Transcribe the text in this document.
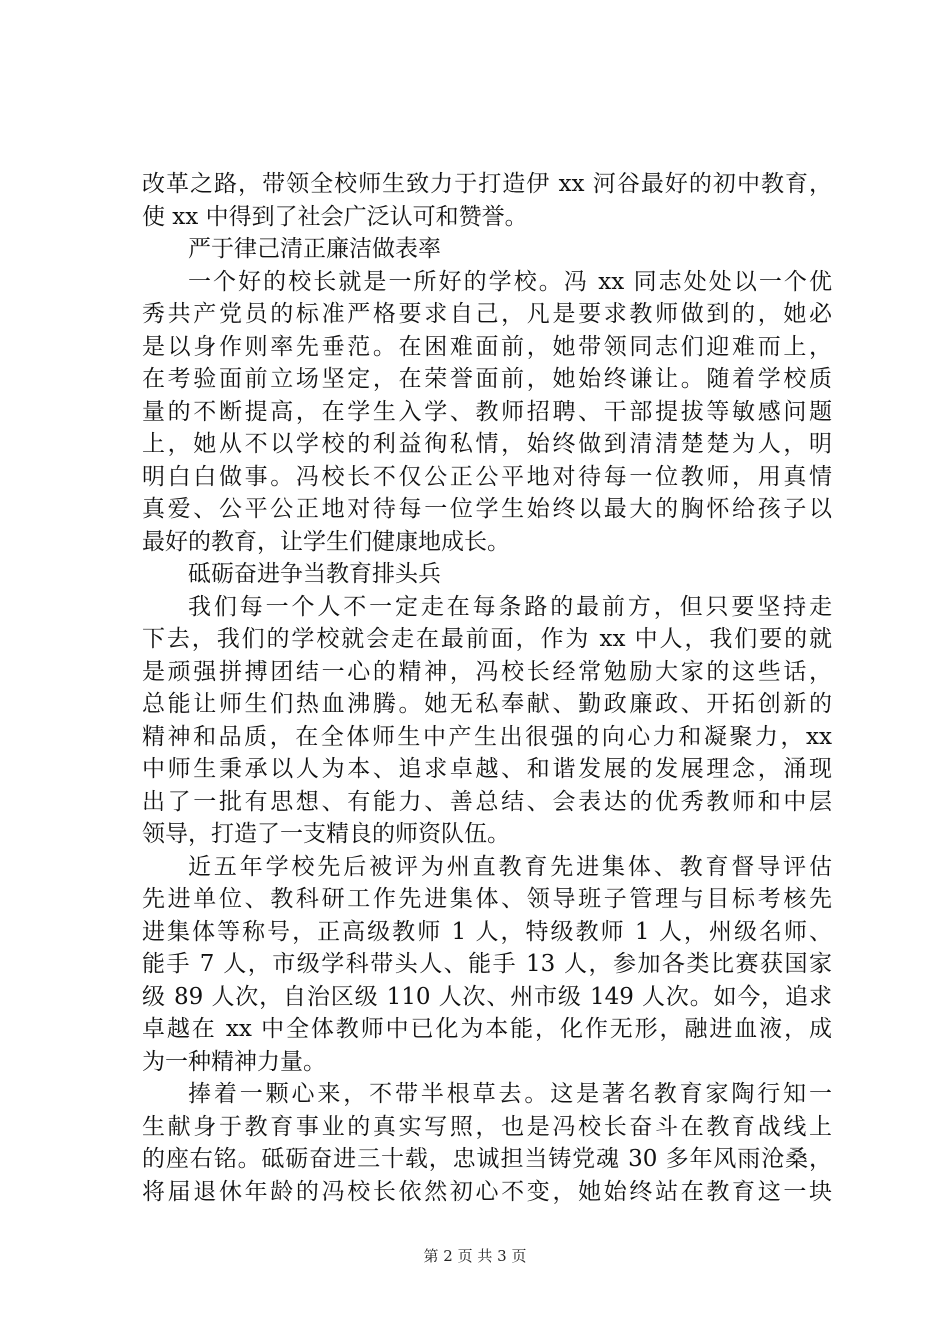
改革之路，带领全校师生致力于打造伊 xx 河谷最好的初中教育，
使 xx 中得到了社会广泛认可和赞誉。
严于律己清正廉洁做表率
一个好的校长就是一所好的学校。冯 xx 同志处处以一个优
秀共产党员的标准严格要求自己，凡是要求教师做到的，她必
是以身作则率先垂范。在困难面前，她带领同志们迎难而上，
在考验面前立场坚定，在荣誉面前，她始终谦让。随着学校质
量的不断提高，在学生入学、教师招聘、干部提拔等敏感问题
上，她从不以学校的利益徇私情，始终做到清清楚楚为人，明
明白白做事。冯校长不仅公正公平地对待每一位教师，用真情
真爱、公平公正地对待每一位学生始终以最大的胸怀给孩子以
最好的教育，让学生们健康地成长。
砥砺奋进争当教育排头兵
我们每一个人不一定走在每条路的最前方，但只要坚持走
下去，我们的学校就会走在最前面，作为 xx 中人，我们要的就
是顽强拼搏团结一心的精神，冯校长经常勉励大家的这些话，
总能让师生们热血沸腾。她无私奉献、勤政廉政、开拓创新的
精神和品质，在全体师生中产生出很强的向心力和凝聚力，xx
中师生秉承以人为本、追求卓越、和谐发展的发展理念，涌现
出了一批有思想、有能力、善总结、会表达的优秀教师和中层
领导，打造了一支精良的师资队伍。
近五年学校先后被评为州直教育先进集体、教育督导评估
先进单位、教科研工作先进集体、领导班子管理与目标考核先
进集体等称号，正高级教师 1 人，特级教师 1 人，州级名师、
能手 7 人，市级学科带头人、能手 13 人，参加各类比赛获国家
级 89 人次，自治区级 110 人次、州市级 149 人次。如今，追求
卓越在 xx 中全体教师中已化为本能，化作无形，融进血液，成
为一种精神力量。
捧着一颗心来，不带半根草去。这是著名教育家陶行知一
生献身于教育事业的真实写照，也是冯校长奋斗在教育战线上
的座右铭。砥砺奋进三十载，忠诚担当铸党魂 30 多年风雨沧桑，
将届退休年龄的冯校长依然初心不变，她始终站在教育这一块
第 2 页 共 3 页
